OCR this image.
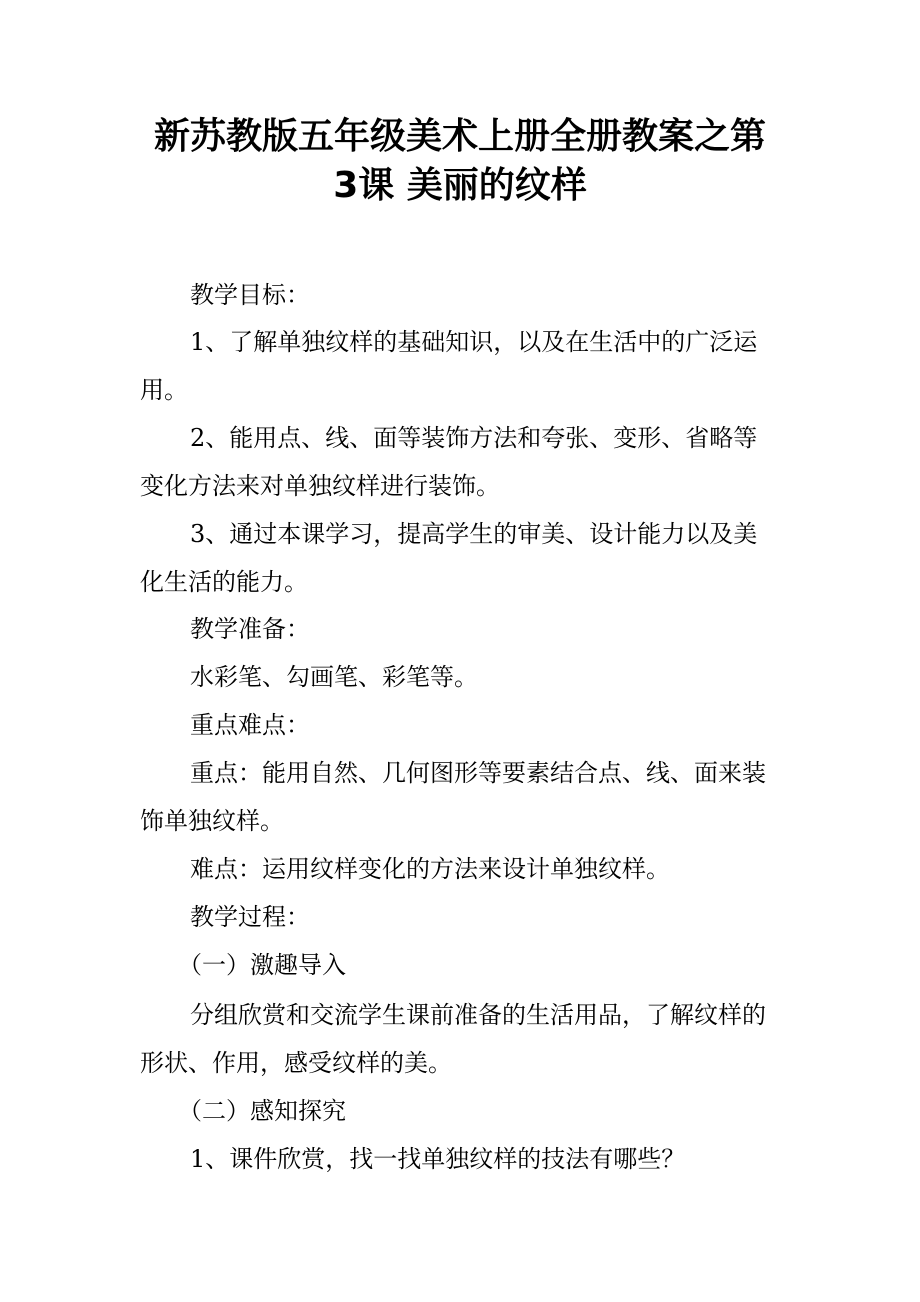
新苏教版五年级美术上册全册教案之第
3课 美丽的纹样
教学目标：
1、了解单独纹样的基础知识，以及在生活中的广泛运
用。
2、能用点、线、面等装饰方法和夸张、变形、省略等
变化方法来对单独纹样进行装饰。
3、通过本课学习，提高学生的审美、设计能力以及美
化生活的能力。
教学准备：
水彩笔、勾画笔、彩笔等。
重点难点：
重点：能用自然、几何图形等要素结合点、线、面来装
饰单独纹样。
难点：运用纹样变化的方法来设计单独纹样。
教学过程：
（一）激趣导入
分组欣赏和交流学生课前准备的生活用品，了解纹样的
形状、作用，感受纹样的美。
（二）感知探究
1、课件欣赏，找一找单独纹样的技法有哪些？
